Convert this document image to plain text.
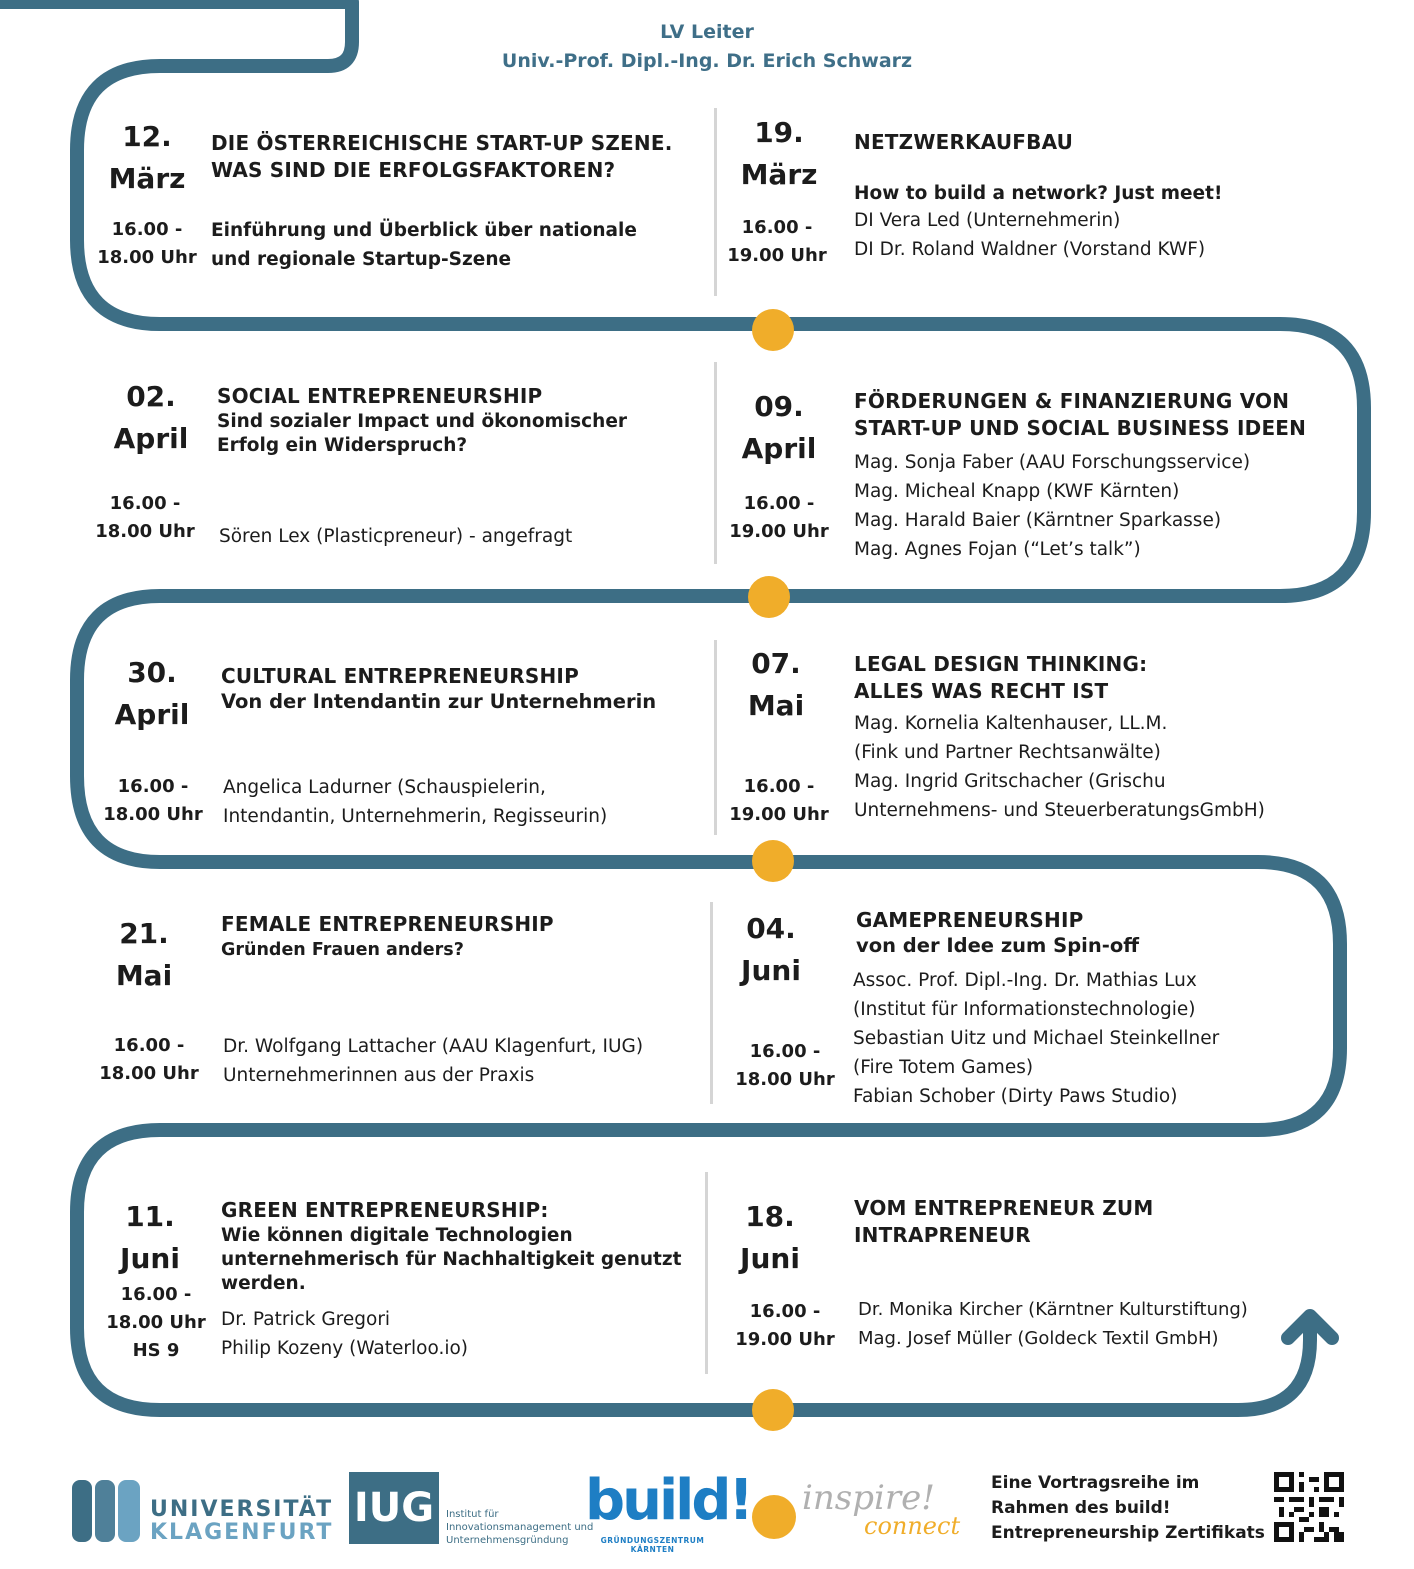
LV Leiter
Univ.-Prof. Dipl.-Ing. Dr. Erich Schwarz
12.
März
16.00 -
18.00 Uhr
DIE ÖSTERREICHISCHE START-UP SZENE.
WAS SIND DIE ERFOLGSFAKTOREN?
Einführung und Überblick über nationale
und regionale Startup-Szene
19.
März
16.00 -
19.00 Uhr
NETZWERKAUFBAU
How to build a network? Just meet!
DI Vera Led (Unternehmerin)
DI Dr. Roland Waldner (Vorstand KWF)
02.
April
16.00 -
18.00 Uhr
SOCIAL ENTREPRENEURSHIP
Sind sozialer Impact und ökonomischer
Erfolg ein Widerspruch?
Sören Lex (Plasticpreneur) - angefragt
09.
April
16.00 -
19.00 Uhr
FÖRDERUNGEN & FINANZIERUNG VON
START-UP UND SOCIAL BUSINESS IDEEN
Mag. Sonja Faber (AAU Forschungsservice)
Mag. Micheal Knapp (KWF Kärnten)
Mag. Harald Baier (Kärntner Sparkasse)
Mag. Agnes Fojan (“Let’s talk”)
30.
April
16.00 -
18.00 Uhr
CULTURAL ENTREPRENEURSHIP
Von der Intendantin zur Unternehmerin
Angelica Ladurner (Schauspielerin,
Intendantin, Unternehmerin, Regisseurin)
07.
Mai
16.00 -
19.00 Uhr
LEGAL DESIGN THINKING:
ALLES WAS RECHT IST
Mag. Kornelia Kaltenhauser, LL.M.
(Fink und Partner Rechtsanwälte)
Mag. Ingrid Gritschacher (Grischu
Unternehmens- und SteuerberatungsGmbH)
21.
Mai
16.00 -
18.00 Uhr
FEMALE ENTREPRENEURSHIP
Gründen Frauen anders?
Dr. Wolfgang Lattacher (AAU Klagenfurt, IUG)
Unternehmerinnen aus der Praxis
04.
Juni
16.00 -
18.00 Uhr
GAMEPRENEURSHIP
von der Idee zum Spin-off
Assoc. Prof. Dipl.-Ing. Dr. Mathias Lux
(Institut für Informationstechnologie)
Sebastian Uitz und Michael Steinkellner
(Fire Totem Games)
Fabian Schober (Dirty Paws Studio)
11.
Juni
16.00 -
18.00 Uhr
HS 9
GREEN ENTREPRENEURSHIP:
Wie können digitale Technologien
unternehmerisch für Nachhaltigkeit genutzt
werden.
Dr. Patrick Gregori
Philip Kozeny (Waterloo.io)
18.
Juni
16.00 -
19.00 Uhr
VOM ENTREPRENEUR ZUM
INTRAPRENEUR
Dr. Monika Kircher (Kärntner Kulturstiftung)
Mag. Josef Müller (Goldeck Textil GmbH)
UNIVERSITÄT
KLAGENFURT
IUG	Institut für
Innovationsmanagement und
Unternehmensgründung
build!
GRÜNDUNGSZENTRUM KÄRNTEN
inspire!
connect
Eine Vortragsreihe im
Rahmen des build!
Entrepreneurship Zertifikats
